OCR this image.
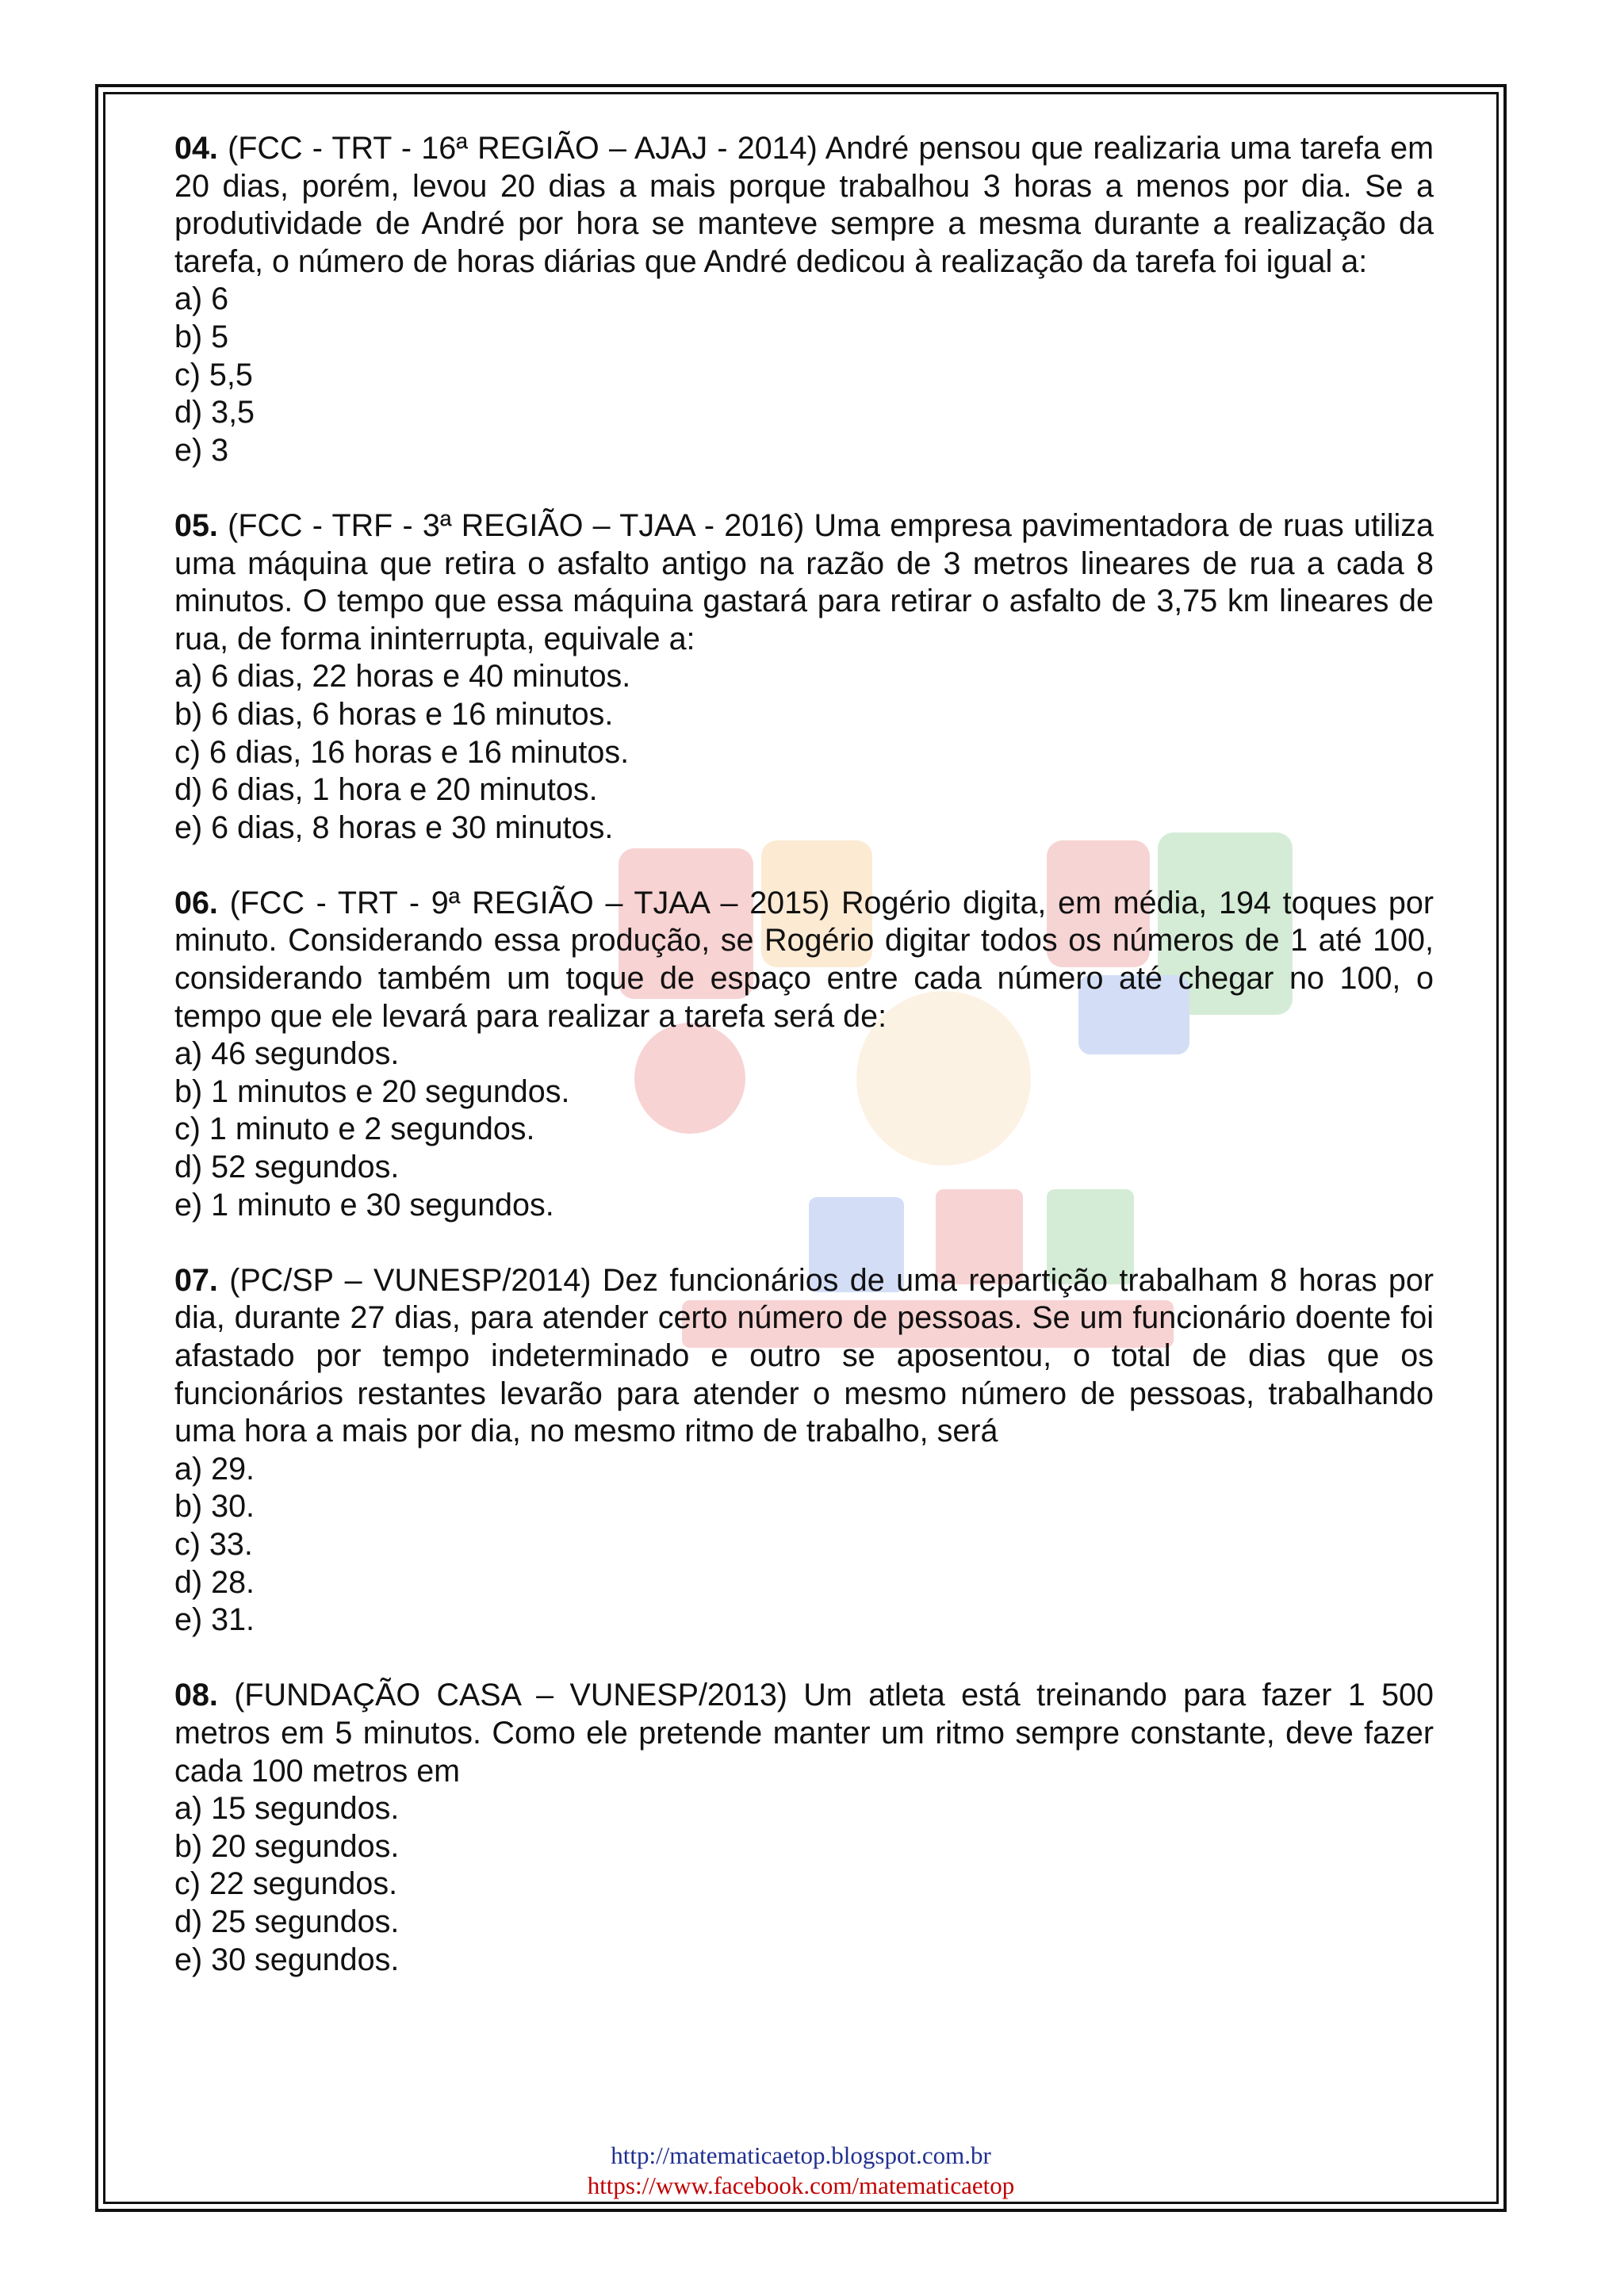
04. (FCC - TRT - 16ª REGIÃO – AJAJ - 2014) André pensou que realizaria uma tarefa em 20 dias, porém, levou 20 dias a mais porque trabalhou 3 horas a menos por dia. Se a produtividade de André por hora se manteve sempre a mesma durante a realização da tarefa, o número de horas diárias que André dedicou à realização da tarefa foi igual a:

a) 6
b) 5
c) 5,5
d) 3,5
e) 3

05. (FCC - TRF - 3ª REGIÃO – TJAA - 2016) Uma empresa pavimentadora de ruas utiliza uma máquina que retira o asfalto antigo na razão de 3 metros lineares de rua a cada 8 minutos. O tempo que essa máquina gastará para retirar o asfalto de 3,75 km lineares de rua, de forma ininterrupta, equivale a:

a) 6 dias, 22 horas e 40 minutos.
b) 6 dias, 6 horas e 16 minutos.
c) 6 dias, 16 horas e 16 minutos.
d) 6 dias, 1 hora e 20 minutos.
e) 6 dias, 8 horas e 30 minutos.

06. (FCC - TRT - 9ª REGIÃO – TJAA – 2015) Rogério digita, em média, 194 toques por minuto. Considerando essa produção, se Rogério digitar todos os números de 1 até 100, considerando também um toque de espaço entre cada número até chegar no 100, o tempo que ele levará para realizar a tarefa será de:

a) 46 segundos.
b) 1 minutos e 20 segundos.
c) 1 minuto e 2 segundos.
d) 52 segundos.
e) 1 minuto e 30 segundos.

07. (PC/SP – VUNESP/2014) Dez funcionários de uma repartição trabalham 8 horas por dia, durante 27 dias, para atender certo número de pessoas. Se um funcionário doente foi afastado por tempo indeterminado e outro se aposentou, o total de dias que os funcionários restantes levarão para atender o mesmo número de pessoas, trabalhando uma hora a mais por dia, no mesmo ritmo de trabalho, será

a) 29.
b) 30.
c) 33.
d) 28.
e) 31.

08. (FUNDAÇÃO CASA – VUNESP/2013) Um atleta está treinando para fazer 1 500 metros em 5 minutos. Como ele pretende manter um ritmo sempre constante, deve fazer cada 100 metros em

a) 15 segundos.
b) 20 segundos.
c) 22 segundos.
d) 25 segundos.
e) 30 segundos.
http://matematicaetop.blogspot.com.br
https://www.facebook.com/matematicaetop
